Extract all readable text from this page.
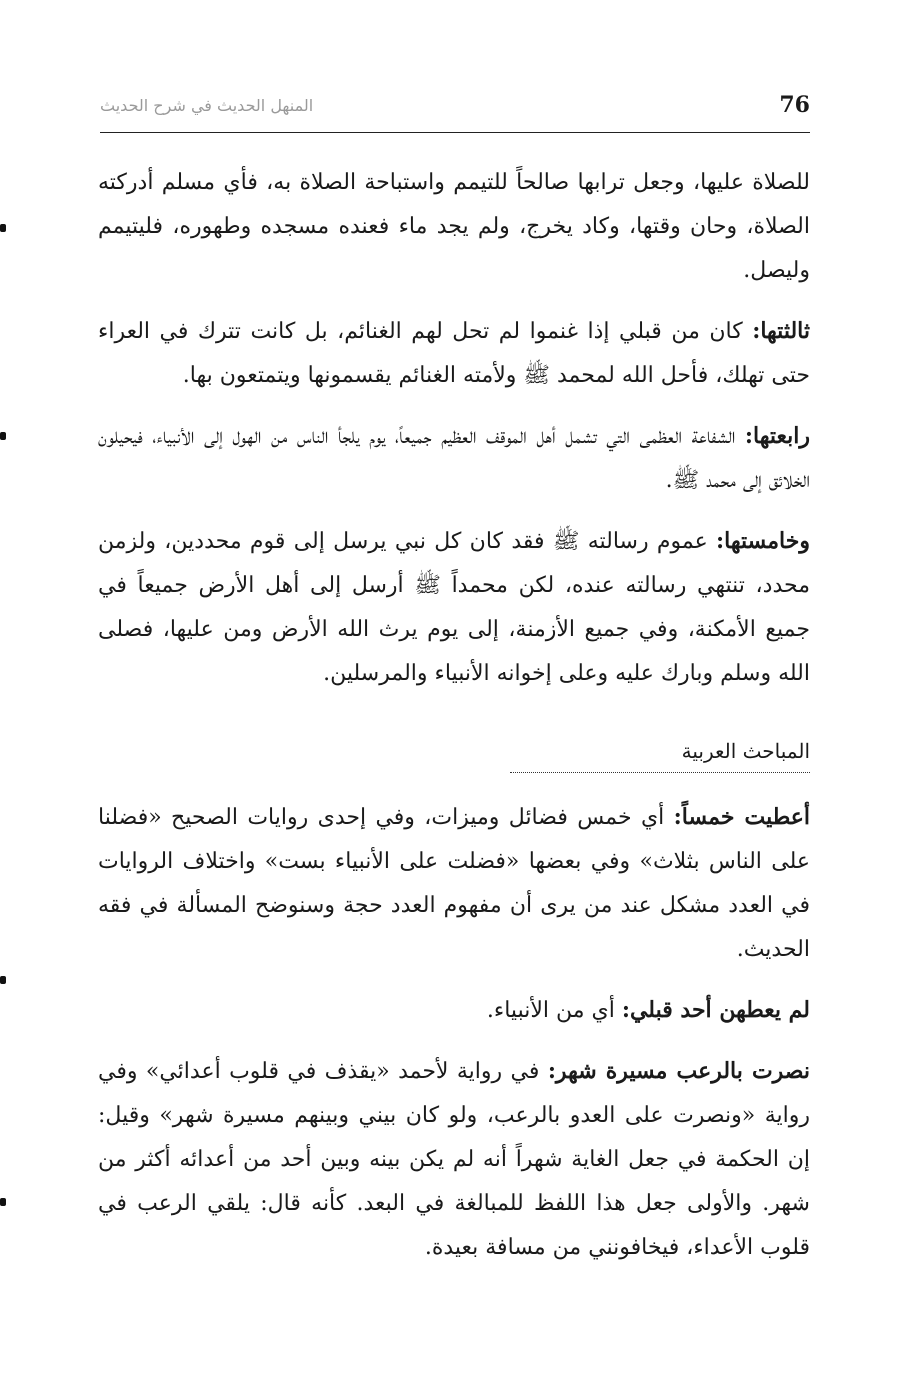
76
المنهل الحديث في شرح الحديث

للصلاة عليها، وجعل ترابها صالحاً للتيمم واستباحة الصلاة به، فأي مسلم أدركته الصلاة، وحان وقتها، وكاد يخرج، ولم يجد ماء فعنده مسجده وطهوره، فليتيمم وليصل.

ثالثتها: كان من قبلي إذا غنموا لم تحل لهم الغنائم، بل كانت تترك في العراء حتى تهلك، فأحل الله لمحمد ﷺ ولأمته الغنائم يقسمونها ويتمتعون بها.

رابعتها: الشفاعة العظمى التي تشمل أهل الموقف العظيم جميعاً، يوم يلجأ الناس من الهول إلى الأنبياء، فيحيلون الخلائق إلى محمد ﷺ.

وخامستها: عموم رسالته ﷺ فقد كان كل نبي يرسل إلى قوم محددين، ولزمن محدد، تنتهي رسالته عنده، لكن محمداً ﷺ أرسل إلى أهل الأرض جميعاً في جميع الأمكنة، وفي جميع الأزمنة، إلى يوم يرث الله الأرض ومن عليها، فصلى الله وسلم وبارك عليه وعلى إخوانه الأنبياء والمرسلين.

المباحث العربية

أعطيت خمساً: أي خمس فضائل وميزات، وفي إحدى روايات الصحيح «فضلنا على الناس بثلاث» وفي بعضها «فضلت على الأنبياء بست» واختلاف الروايات في العدد مشكل عند من يرى أن مفهوم العدد حجة وسنوضح المسألة في فقه الحديث.

لم يعطهن أحد قبلي: أي من الأنبياء.

نصرت بالرعب مسيرة شهر: في رواية لأحمد «يقذف في قلوب أعدائي» وفي رواية «ونصرت على العدو بالرعب، ولو كان بيني وبينهم مسيرة شهر» وقيل: إن الحكمة في جعل الغاية شهراً أنه لم يكن بينه وبين أحد من أعدائه أكثر من شهر. والأولى جعل هذا اللفظ للمبالغة في البعد. كأنه قال: يلقي الرعب في قلوب الأعداء، فيخافونني من مسافة بعيدة.
